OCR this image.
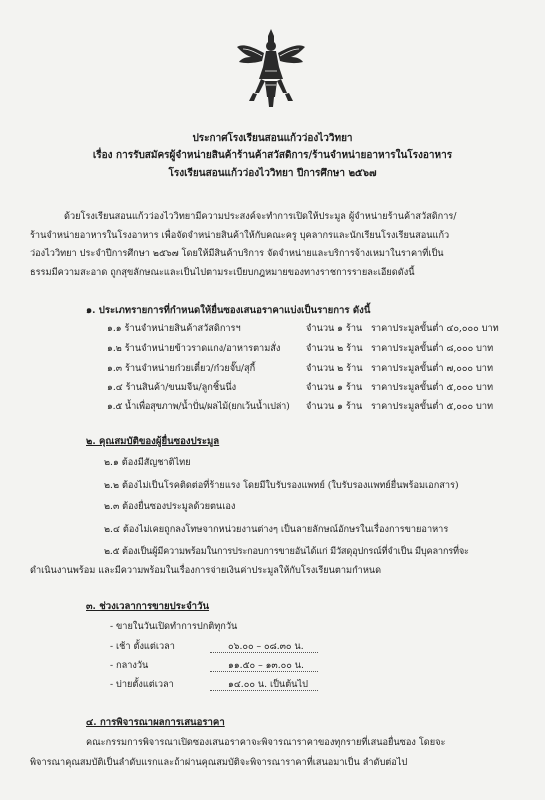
ประกาศโรงเรียนสอนแก้วว่องไววิทยา
เรื่อง การรับสมัครผู้จำหน่ายสินค้าร้านค้าสวัสดิการ/ร้านจำหน่ายอาหารในโรงอาหาร
โรงเรียนสอนแก้วว่องไววิทยา ปีการศึกษา ๒๕๖๗
ด้วยโรงเรียนสอนแก้วว่องไววิทยามีความประสงค์จะทำการเปิดให้ประมูล ผู้จำหน่ายร้านค้าสวัสดิการ/
ร้านจำหน่ายอาหารในโรงอาหาร เพื่อจัดจำหน่ายสินค้าให้กับคณะครู บุคลากรและนักเรียนโรงเรียนสอนแก้ว
ว่องไววิทยา ประจำปีการศึกษา ๒๕๖๗ โดยให้มีสินค้าบริการ จัดจำหน่ายและบริการจ้างเหมาในราคาที่เป็น
ธรรมมีความสะอาด ถูกสุขลักษณะและเป็นไปตามระเบียบกฎหมายของทางราชการรายละเอียดดังนี้
๑. ประเภทรายการที่กำหนดให้ยื่นซองเสนอราคาแบ่งเป็นรายการ ดังนี้
๑.๑ ร้านจำหน่ายสินค้าสวัสดิการฯ	จำนวน ๑ ร้าน ราคาประมูลขั้นต่ำ ๔๐,๐๐๐ บาท
๑.๒ ร้านจำหน่ายข้าวราดแกง/อาหารตามสั่ง	จำนวน ๒ ร้าน ราคาประมูลขั้นต่ำ ๘,๐๐๐ บาท
๑.๓ ร้านจำหน่ายก๋วยเตี๋ยว/ก๋วยจั๊บ/สุกี้	จำนวน ๒ ร้าน ราคาประมูลขั้นต่ำ ๗,๐๐๐ บาท
๑.๔ ร้านสินค้า/ขนมจีน/ลูกชิ้นนึ่ง	จำนวน ๑ ร้าน ราคาประมูลขั้นต่ำ ๕,๐๐๐ บาท
๑.๕ น้ำเพื่อสุขภาพ/น้ำปั่น/ผลไม้(ยกเว้นน้ำเปล่า) จำนวน ๑ ร้าน ราคาประมูลขั้นต่ำ ๕,๐๐๐ บาท
๒. คุณสมบัติของผู้ยื่นซองประมูล
๒.๑ ต้องมีสัญชาติไทย
๒.๒ ต้องไม่เป็นโรคติดต่อที่ร้ายแรง โดยมีใบรับรองแพทย์ (ใบรับรองแพทย์ยื่นพร้อมเอกสาร)
๒.๓ ต้องยื่นซองประมูลด้วยตนเอง
๒.๔ ต้องไม่เคยถูกลงโทษจากหน่วยงานต่างๆ เป็นลายลักษณ์อักษรในเรื่องการขายอาหาร
๒.๕ ต้องเป็นผู้มีความพร้อมในการประกอบการขายอันได้แก่ มีวัสดุอุปกรณ์ที่จำเป็น มีบุคลากรที่จะ
ดำเนินงานพร้อม และมีความพร้อมในเรื่องการจ่ายเงินค่าประมูลให้กับโรงเรียนตามกำหนด
๓. ช่วงเวลาการขายประจำวัน
- ขายในวันเปิดทำการปกติทุกวัน
- เช้า ตั้งแต่เวลา	๐๖.๐๐ – ๐๘.๓๐ น.
- กลางวัน	๑๑.๕๐ – ๑๓.๐๐ น.
- บ่ายตั้งแต่เวลา	๑๔.๐๐ น. เป็นต้นไป
๔. การพิจารณาผลการเสนอราคา
คณะกรรมการพิจารณาเปิดซองเสนอราคาจะพิจารณาราคาของทุกรายที่เสนอยื่นซอง โดยจะ
พิจารณาคุณสมบัติเป็นลำดับแรกและถ้าผ่านคุณสมบัติจะพิจารณาราคาที่เสนอมาเป็น ลำดับต่อไป
